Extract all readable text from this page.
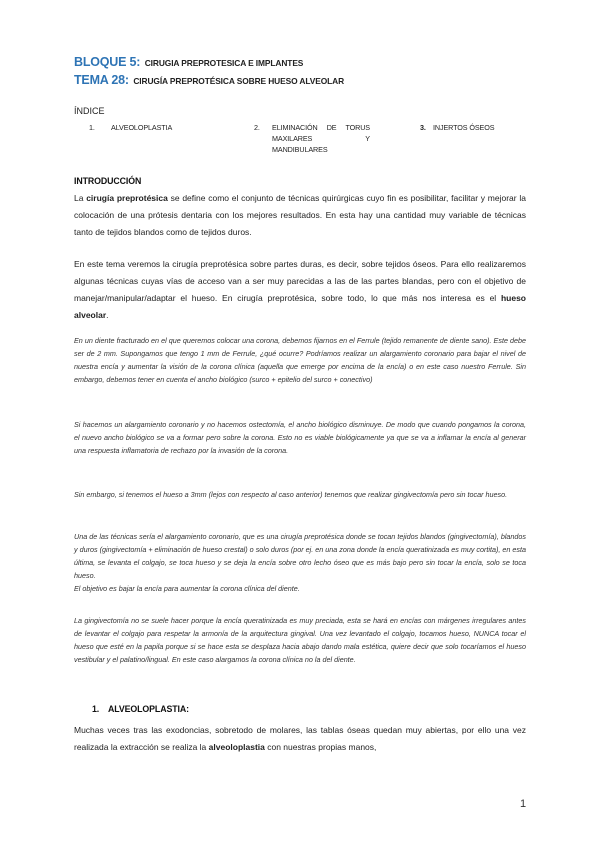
BLOQUE 5: CIRUGIA PREPROTESICA E IMPLANTES
TEMA 28: CIRUGÍA PREPROTÉSICA SOBRE HUESO ALVEOLAR
ÍNDICE
1. ALVEOLOPLASTIA	2. ELIMINACIÓN DE TORUS
MAXILARES Y
MANDIBULARES
3. INJERTOS ÓSEOS
INTRODUCCIÓN

La cirugía preprotésica se define como el conjunto de técnicas quirúrgicas cuyo fin es posibilitar, facilitar y mejorar la colocación de una prótesis dentaria con los mejores resultados. En esta hay una cantidad muy variable de técnicas tanto de tejidos blandos como de tejidos duros.

En este tema veremos la cirugía preprotésica sobre partes duras, es decir, sobre tejidos óseos. Para ello realizaremos algunas técnicas cuyas vías de acceso van a ser muy parecidas a las de las partes blandas, pero con el objetivo de manejar/manipular/adaptar el hueso. En cirugía preprotésica, sobre todo, lo que más nos interesa es el hueso alveolar.

En un diente fracturado en el que queremos colocar una corona, debemos fijarnos en el Ferrule (tejido remanente de diente sano). Este debe ser de 2 mm. Supongamos que tengo 1 mm de Ferrule, ¿qué ocurre? Podríamos realizar un alargamiento coronario para bajar el nivel de nuestra encía y aumentar la visión de la corona clínica (aquella que emerge por encima de la encía) o en este caso nuestro Ferrule. Sin embargo, debemos tener en cuenta el ancho biológico (surco + epitelio del surco + conectivo)

Si hacemos un alargamiento coronario y no hacemos ostectomía, el ancho biológico disminuye. De modo que cuando pongamos la corona, el nuevo ancho biológico se va a formar pero sobre la corona. Esto no es viable biológicamente ya que se va a inflamar la encía al generar una respuesta inflamatoria de rechazo por la invasión de la corona.

Sin embargo, si tenemos el hueso a 3mm (lejos con respecto al caso anterior) tenemos que realizar gingivectomía pero sin tocar hueso.

Una de las técnicas sería el alargamiento coronario, que es una cirugía preprotésica donde se tocan tejidos blandos (gingivectomía), blandos y duros (gingivectomía + eliminación de hueso crestal) o solo duros (por ej. en una zona donde la encía queratinizada es muy cortita), en esta última, se levanta el colgajo, se toca hueso y se deja la encía sobre otro lecho óseo que es más bajo pero sin tocar la encía, solo se toca hueso.
El objetivo es bajar la encía para aumentar la corona clínica del diente.

La gingivectomía no se suele hacer porque la encía queratinizada es muy preciada, esta se hará en encías con márgenes irregulares antes de levantar el colgajo para respetar la armonía de la arquitectura gingival. Una vez levantado el colgajo, tocamos hueso, NUNCA tocar el hueso que esté en la papila porque si se hace esta se desplaza hacia abajo dando mala estética, quiere decir que solo tocaríamos el hueso vestibular y el palatino/lingual. En este caso alargamos la corona clínica no la del diente.

1. ALVEOLOPLASTIA:

Muchas veces tras las exodoncias, sobretodo de molares, las tablas óseas quedan muy abiertas, por ello una vez realizada la extracción se realiza la alveoloplastia con nuestras propias manos,

1
